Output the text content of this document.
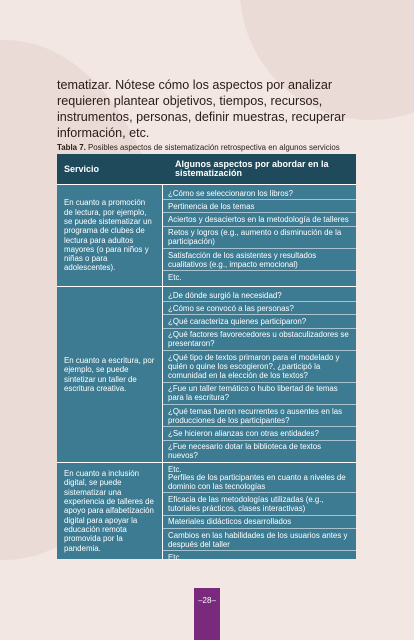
tematizar. Nótese cómo los aspectos por analizar requieren plantear objetivos, tiempos, recursos, instrumentos, personas, definir muestras, recuperar información, etc.

Tabla 7. Posibles aspectos de sistematización retrospectiva en algunos servicios
Servicio
Algunos aspectos por abordar en la sistematización
En cuanto a promoción de lectura, por ejemplo, se puede sistematizar un programa de clubes de lectura para adultos mayores (o para niños y niñas o para adolescentes).
¿Cómo se seleccionaron los libros?
Pertinencia de los temas
Aciertos y desaciertos en la metodología de talleres
Retos y logros (e.g., aumento o disminución de la participación)
Satisfacción de los asistentes y resultados cualitativos (e.g., impacto emocional)
Etc.
En cuanto a escritura, por ejemplo, se puede sintetizar un taller de escritura creativa.
¿De dónde surgió la necesidad?
¿Cómo se convocó a las personas?
¿Qué caracteriza quienes participaron?
¿Qué factores favorecedores u obstaculizadores se presentaron?
¿Qué tipo de textos primaron para el modelado y quién o quine los escogieron?, ¿participó la comunidad en la elección de los textos?
¿Fue un taller temático o hubo libertad de temas para la escritura?
¿Qué temas fueron recurrentes o ausentes en las producciones de los participantes?
¿Se hicieron alianzas con otras entidades?
¿Fue necesario dotar la biblioteca de textos nuevos?
Etc.
En cuanto a inclusión digital, se puede sistematizar una experiencia de talleres de apoyo para alfabetización digital para apoyar la educación remota promovida por la pandemia.
Perfiles de los participantes en cuanto a niveles de dominio con las tecnologías
Eficacia de las metodologías utilizadas (e.g., tutoriales prácticos, clases interactivas)
Materiales didácticos desarrollados
Cambios en las habilidades de los usuarios antes y después del taller
Etc.
–28–
